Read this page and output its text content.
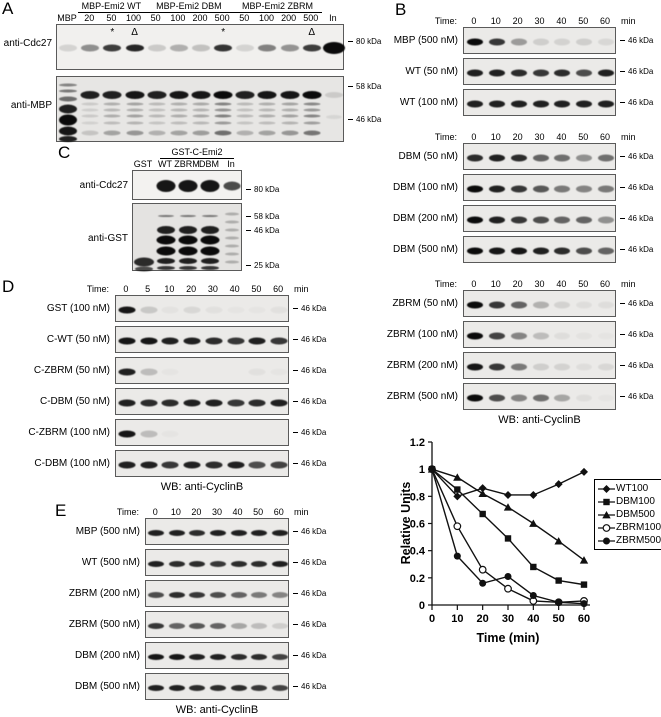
A
anti-Cdc27
anti-MBP
MBP-Emi2 WT	MBP-Emi2 DBM	MBP-Emi2 ZBRM
MBP 20 50 100 50 100 200 500 50 100 200 500 In
* Δ	*	Δ
80 kDa
58 kDa
46 kDa
B
Time:	0 10 20 30 40 50 60 min
MBP (500 nM)	46 kDa
WT (50 nM)	46 kDa
WT (100 nM)	46 kDa
Time:	0 10 20 30 40 50 60 min
DBM (50 nM)	46 kDa
DBM (100 nM)	46 kDa
DBM (200 nM)	46 kDa
DBM (500 nM)	46 kDa
Time:	0 10 20 30 40 50 60 min
ZBRM (50 nM)	46 kDa
ZBRM (100 nM)	46 kDa
ZBRM (200 nM)	46 kDa
ZBRM (500 nM)	46 kDa
WB: anti-CyclinB
C	GST-C-Emi2
anti-Cdc27
anti-GST
GST WT ZBRM DBM In
80 kDa
58 kDa
46 kDa
25 kDa
D	Time:	0 5 10 20 30 40 50 60 min
GST (100 nM)	46 kDa
C-WT (50 nM)	46 kDa
C-ZBRM (50 nM)	46 kDa
C-DBM (50 nM)	46 kDa
C-ZBRM (100 nM)	46 kDa
C-DBM (100 nM)	46 kDa
WB: anti-CyclinB
E	Time:	0 10 20 30 40 50 60 min
MBP (500 nM)	46 kDa
WT (500 nM)	46 kDa
ZBRM (200 nM)	46 kDa
ZBRM (500 nM)	46 kDa
DBM (200 nM)	46 kDa
DBM (500 nM)	46 kDa
WB: anti-CyclinB
Relative Units
Time (min)
0
0.2
0.4
0.6
0.8
1
1.2
0 10 20 30 40 50 60
WT100
DBM100
DBM500
ZBRM100
ZBRM500
